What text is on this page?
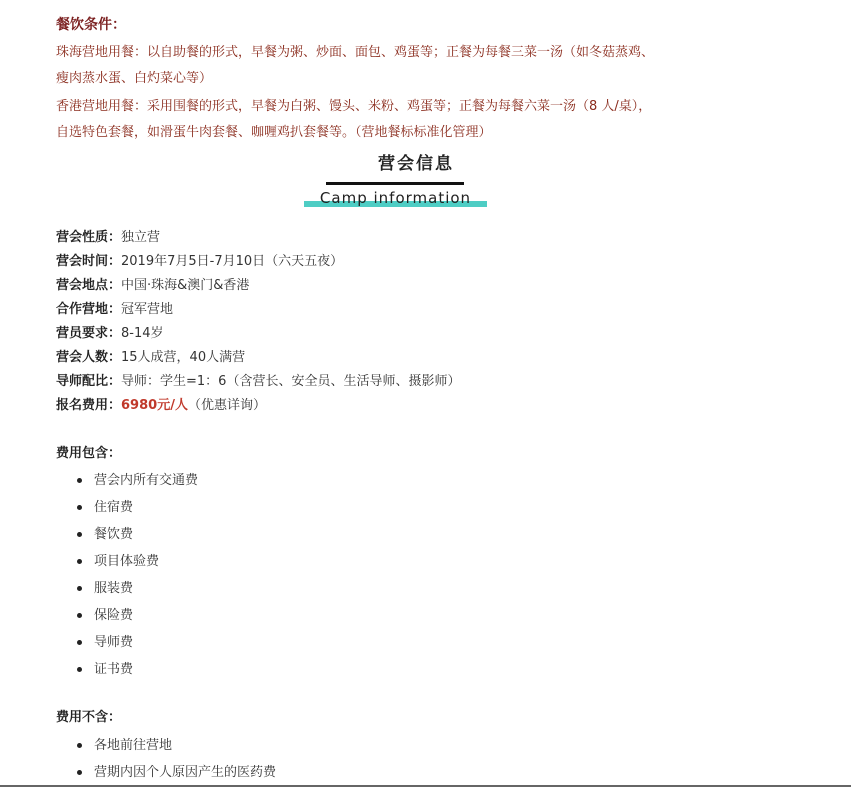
餐饮条件：
珠海营地用餐：以自助餐的形式，早餐为粥、炒面、面包、鸡蛋等；正餐为每餐三菜一汤（如冬菇蒸鸡、
瘦肉蒸水蛋、白灼菜心等）
香港营地用餐：采用围餐的形式，早餐为白粥、馒头、米粉、鸡蛋等；正餐为每餐六菜一汤（8 人/桌），
自选特色套餐，如滑蛋牛肉套餐、咖喱鸡扒套餐等。（营地餐标标准化管理）
营会信息
Camp information
营会性质：独立营
营会时间：2019年7月5日-7月10日（六天五夜）
营会地点：中国·珠海&澳门&香港
合作营地：冠军营地
营员要求：8-14岁
营会人数：15人成营，40人满营
导师配比：导师：学生=1：6（含营长、安全员、生活导师、摄影师）
报名费用：6980元/人（优惠详询）
费用包含：
营会内所有交通费
住宿费
餐饮费
项目体验费
服装费
保险费
导师费
证书费
费用不含：
各地前往营地
营期内因个人原因产生的医药费
